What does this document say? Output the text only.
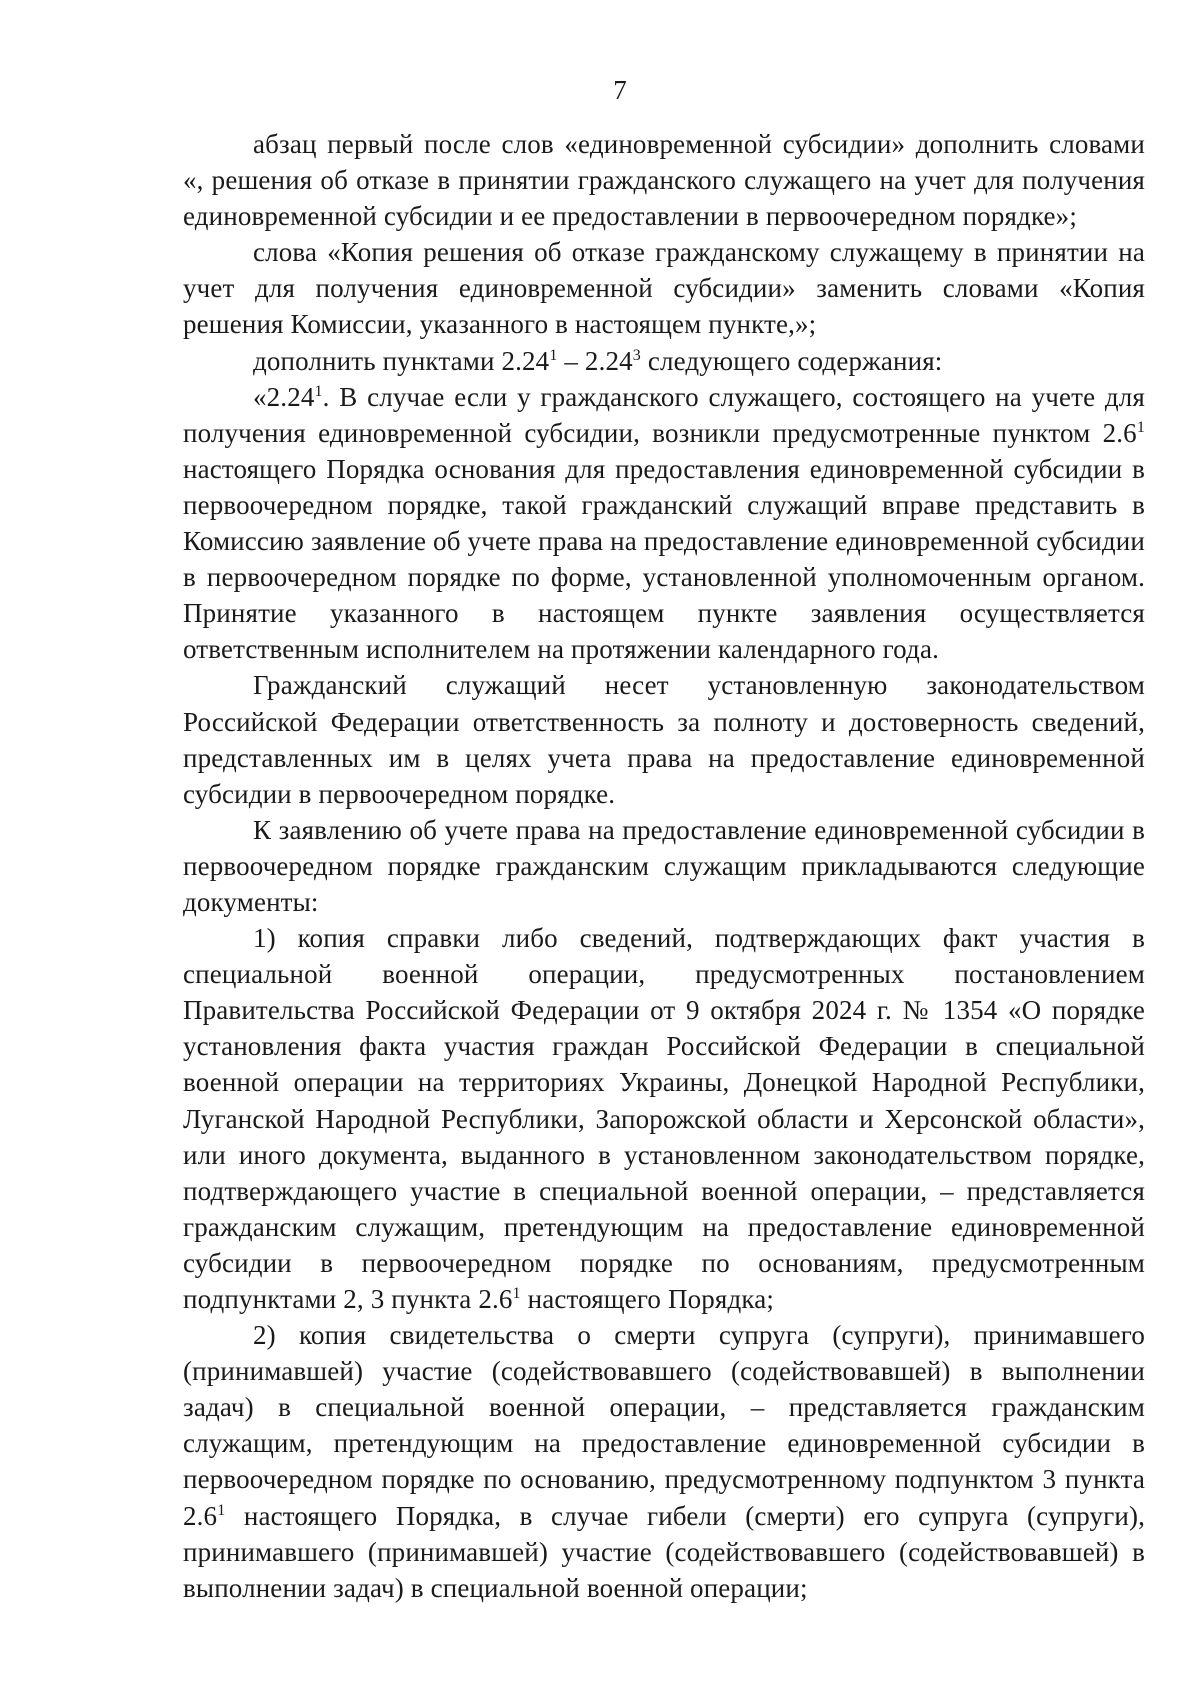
7

абзац первый после слов «единовременной субсидии» дополнить словами «, решения об отказе в принятии гражданского служащего на учет для получения единовременной субсидии и ее предоставлении в первоочередном порядке»;

слова «Копия решения об отказе гражданскому служащему в принятии на учет для получения единовременной субсидии» заменить словами «Копия решения Комиссии, указанного в настоящем пункте,»;

дополнить пунктами 2.24$^1$ – 2.24$^3$ следующего содержания:

«2.24$^1$. В случае если у гражданского служащего, состоящего на учете для получения единовременной субсидии, возникли предусмотренные пунктом $2.6^1$ настоящего Порядка основания для предоставления единовременной субсидии в первоочередном порядке, такой гражданский служащий вправе представить в Комиссию заявление об учете права на предоставление единовременной субсидии в первоочередном порядке по форме, установленной уполномоченным органом. Принятие указанного в настоящем пункте заявления осуществляется ответственным исполнителем на протяжении календарного года.

Гражданский служащий несет установленную законодательством Российской Федерации ответственность за полноту и достоверность сведений, представленных им в целях учета права на предоставление единовременной субсидии в первоочередном порядке.

К заявлению об учете права на предоставление единовременной субсидии в первоочередном порядке гражданским служащим прикладываются следующие документы:

1) копия справки либо сведений, подтверждающих факт участия в специальной военной операции, предусмотренных постановлением Правительства Российской Федерации от 9 октября 2024 г. № 1354 «О порядке установления факта участия граждан Российской Федерации в специальной военной операции на территориях Украины, Донецкой Народной Республики, Луганской Народной Республики, Запорожской области и Херсонской области», или иного документа, выданного в установленном законодательством порядке, подтверждающего участие в специальной военной операции, – представляется гражданским служащим, претендующим на предоставление единовременной субсидии в первоочередном порядке по основаниям, предусмотренным подпунктами 2, 3 пункта $2.6^1$ настоящего Порядка;

2) копия свидетельства о смерти супруга (супруги), принимавшего (принимавшей) участие (содействовавшего (содействовавшей) в выполнении задач) в специальной военной операции, – представляется гражданским служащим, претендующим на предоставление единовременной субсидии в первоочередном порядке по основанию, предусмотренному подпунктом 3 пункта $2.6^1$ настоящего Порядка, в случае гибели (смерти) его супруга (супруги), принимавшего (принимавшей) участие (содействовавшего (содействовавшей) в выполнении задач) в специальной военной операции;
